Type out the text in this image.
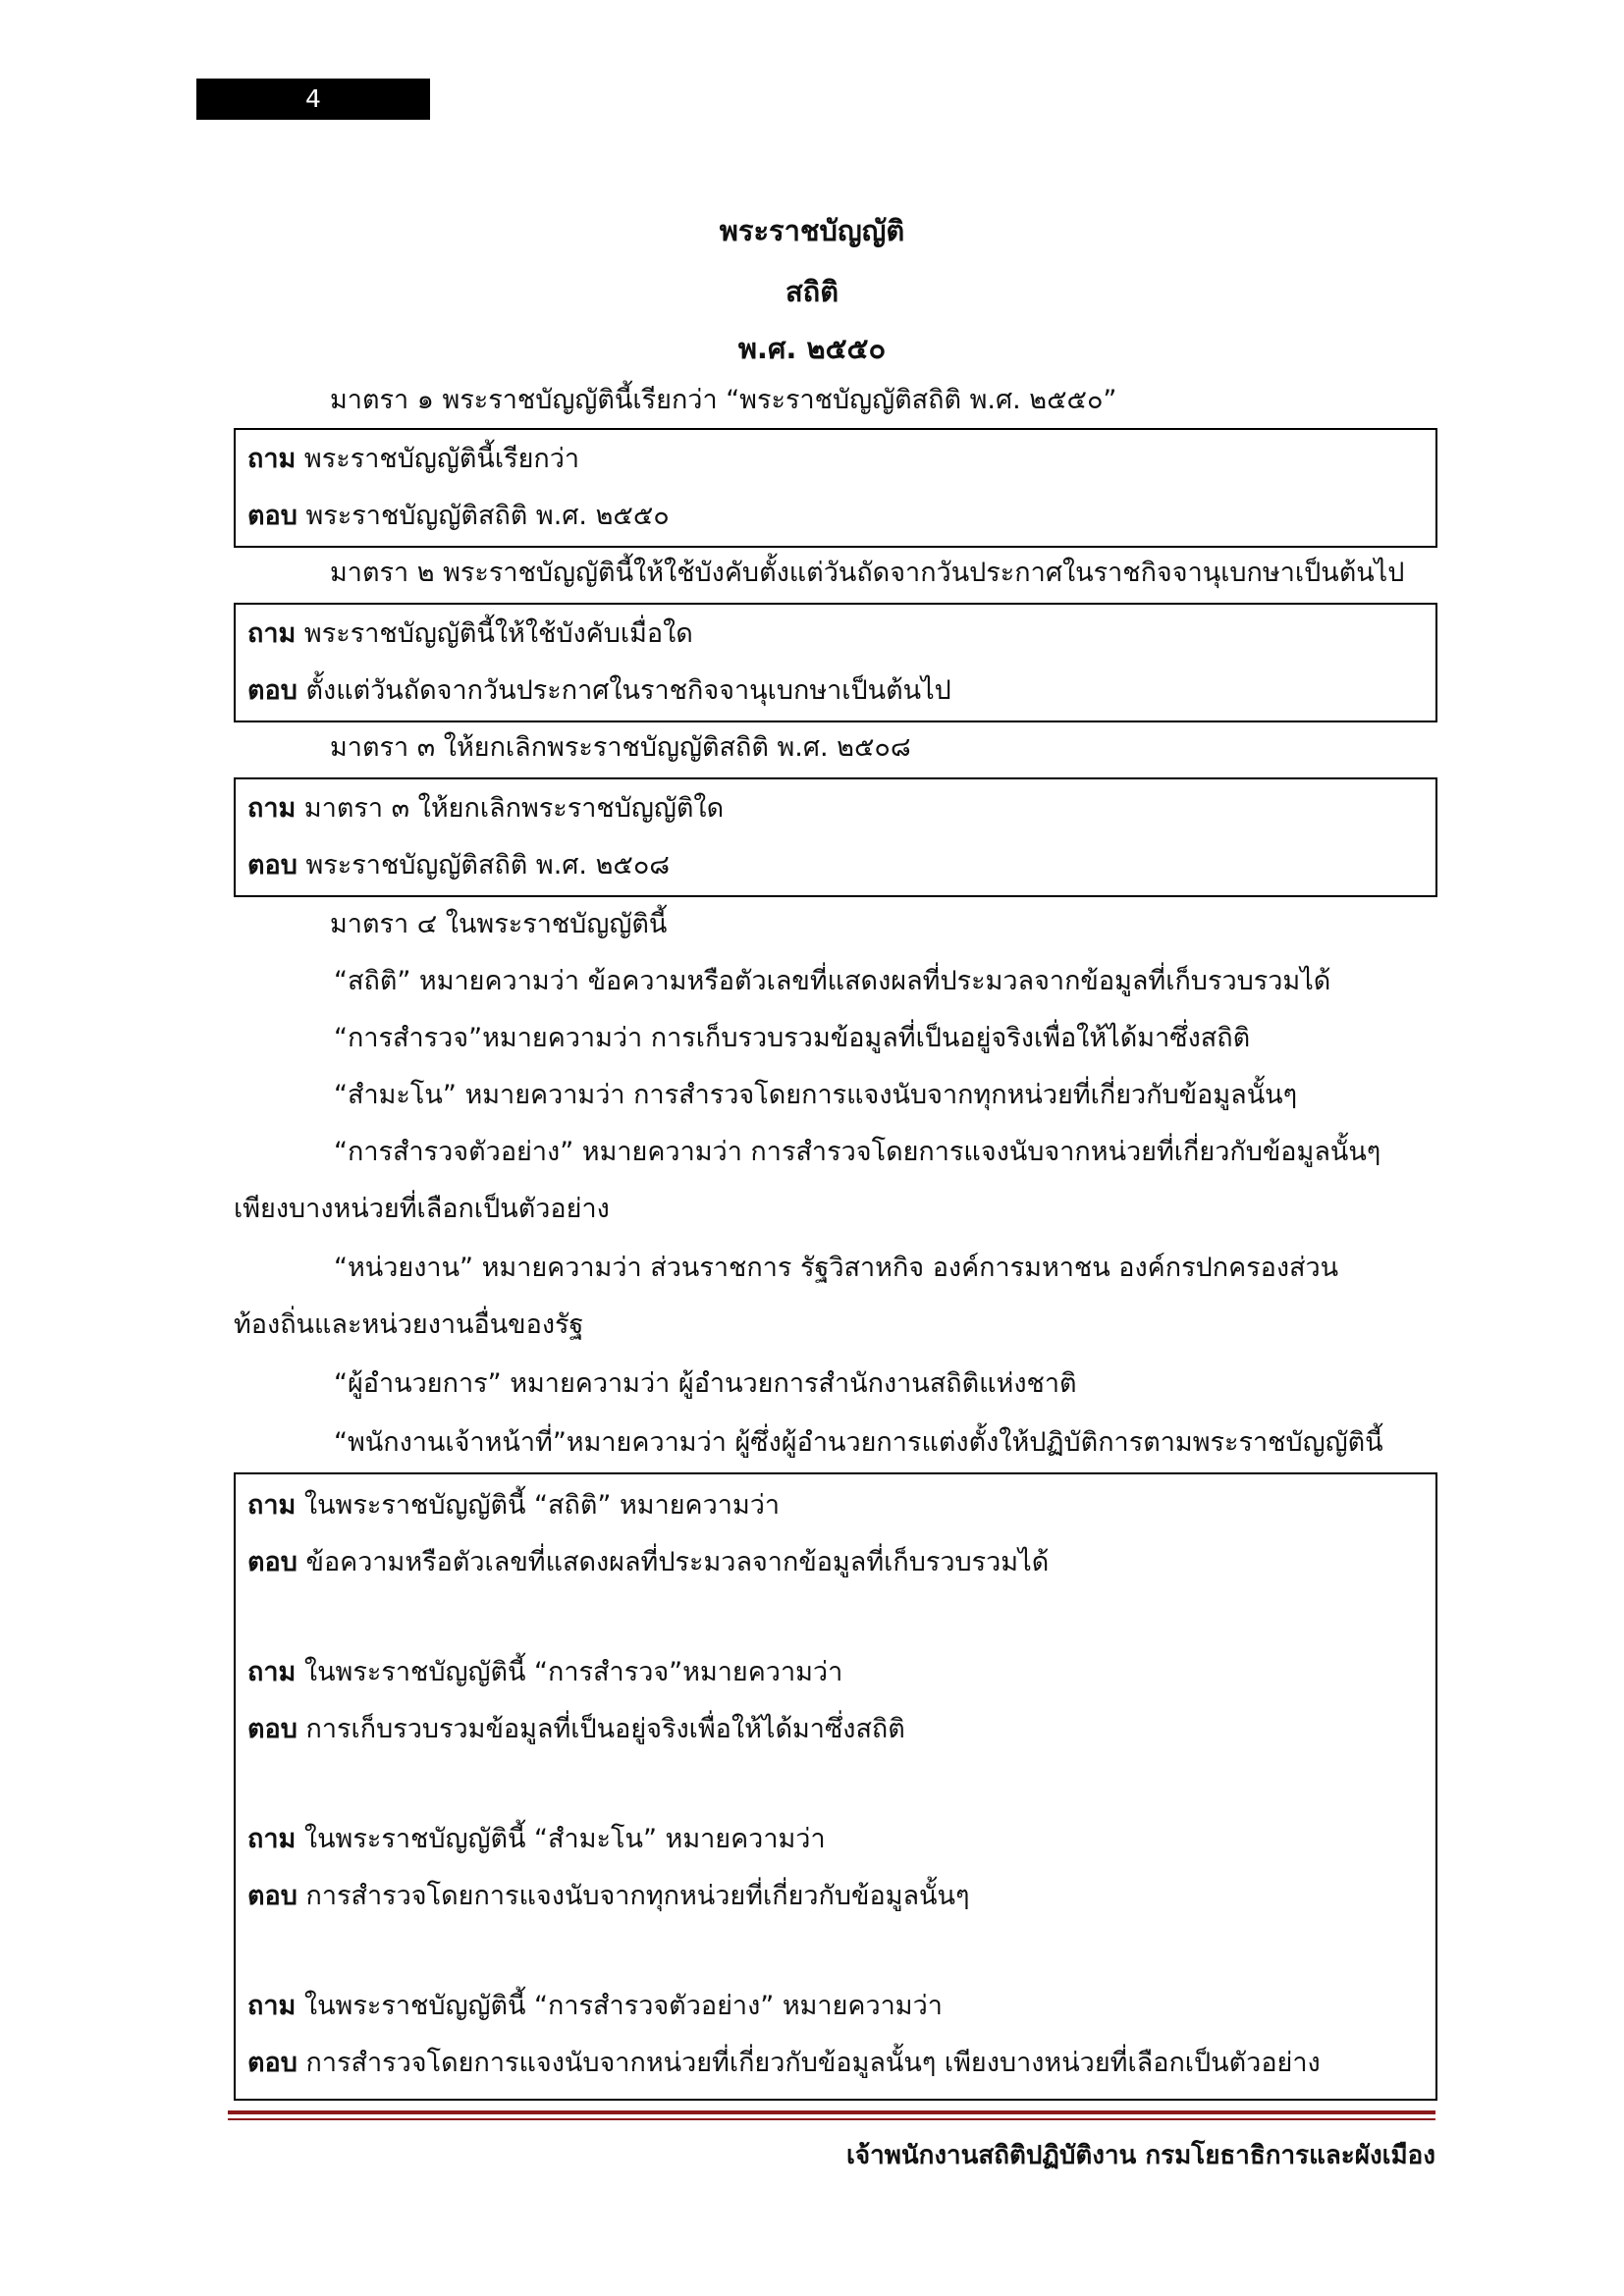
4
พระราชบัญญัติ
สถิติ
พ.ศ. ๒๕๕๐
มาตรา ๑ พระราชบัญญัตินี้เรียกว่า “พระราชบัญญัติสถิติ พ.ศ. ๒๕๕๐”
ถาม พระราชบัญญัตินี้เรียกว่า
ตอบ พระราชบัญญัติสถิติ พ.ศ. ๒๕๕๐
มาตรา ๒ พระราชบัญญัตินี้ให้ใช้บังคับตั้งแต่วันถัดจากวันประกาศในราชกิจจานุเบกษาเป็นต้นไป
ถาม พระราชบัญญัตินี้ให้ใช้บังคับเมื่อใด
ตอบ ตั้งแต่วันถัดจากวันประกาศในราชกิจจานุเบกษาเป็นต้นไป
มาตรา ๓ ให้ยกเลิกพระราชบัญญัติสถิติ พ.ศ. ๒๕๐๘
ถาม มาตรา ๓ ให้ยกเลิกพระราชบัญญัติใด
ตอบ พระราชบัญญัติสถิติ พ.ศ. ๒๕๐๘
มาตรา ๔ ในพระราชบัญญัตินี้
“สถิติ” หมายความว่า ข้อความหรือตัวเลขที่แสดงผลที่ประมวลจากข้อมูลที่เก็บรวบรวมได้
“การสำรวจ”หมายความว่า การเก็บรวบรวมข้อมูลที่เป็นอยู่จริงเพื่อให้ได้มาซึ่งสถิติ
“สำมะโน” หมายความว่า การสำรวจโดยการแจงนับจากทุกหน่วยที่เกี่ยวกับข้อมูลนั้นๆ
“การสำรวจตัวอย่าง” หมายความว่า การสำรวจโดยการแจงนับจากหน่วยที่เกี่ยวกับข้อมูลนั้นๆ
เพียงบางหน่วยที่เลือกเป็นตัวอย่าง
“หน่วยงาน” หมายความว่า ส่วนราชการ รัฐวิสาหกิจ องค์การมหาชน องค์กรปกครองส่วน
ท้องถิ่นและหน่วยงานอื่นของรัฐ
“ผู้อำนวยการ” หมายความว่า ผู้อำนวยการสำนักงานสถิติแห่งชาติ
“พนักงานเจ้าหน้าที่”หมายความว่า ผู้ซึ่งผู้อำนวยการแต่งตั้งให้ปฏิบัติการตามพระราชบัญญัตินี้
ถาม ในพระราชบัญญัตินี้ “สถิติ” หมายความว่า
ตอบ ข้อความหรือตัวเลขที่แสดงผลที่ประมวลจากข้อมูลที่เก็บรวบรวมได้
ถาม ในพระราชบัญญัตินี้ “การสำรวจ”หมายความว่า
ตอบ การเก็บรวบรวมข้อมูลที่เป็นอยู่จริงเพื่อให้ได้มาซึ่งสถิติ
ถาม ในพระราชบัญญัตินี้ “สำมะโน” หมายความว่า
ตอบ การสำรวจโดยการแจงนับจากทุกหน่วยที่เกี่ยวกับข้อมูลนั้นๆ
ถาม ในพระราชบัญญัตินี้ “การสำรวจตัวอย่าง” หมายความว่า
ตอบ การสำรวจโดยการแจงนับจากหน่วยที่เกี่ยวกับข้อมูลนั้นๆ เพียงบางหน่วยที่เลือกเป็นตัวอย่าง
เจ้าพนักงานสถิติปฏิบัติงาน กรมโยธาธิการและผังเมือง
